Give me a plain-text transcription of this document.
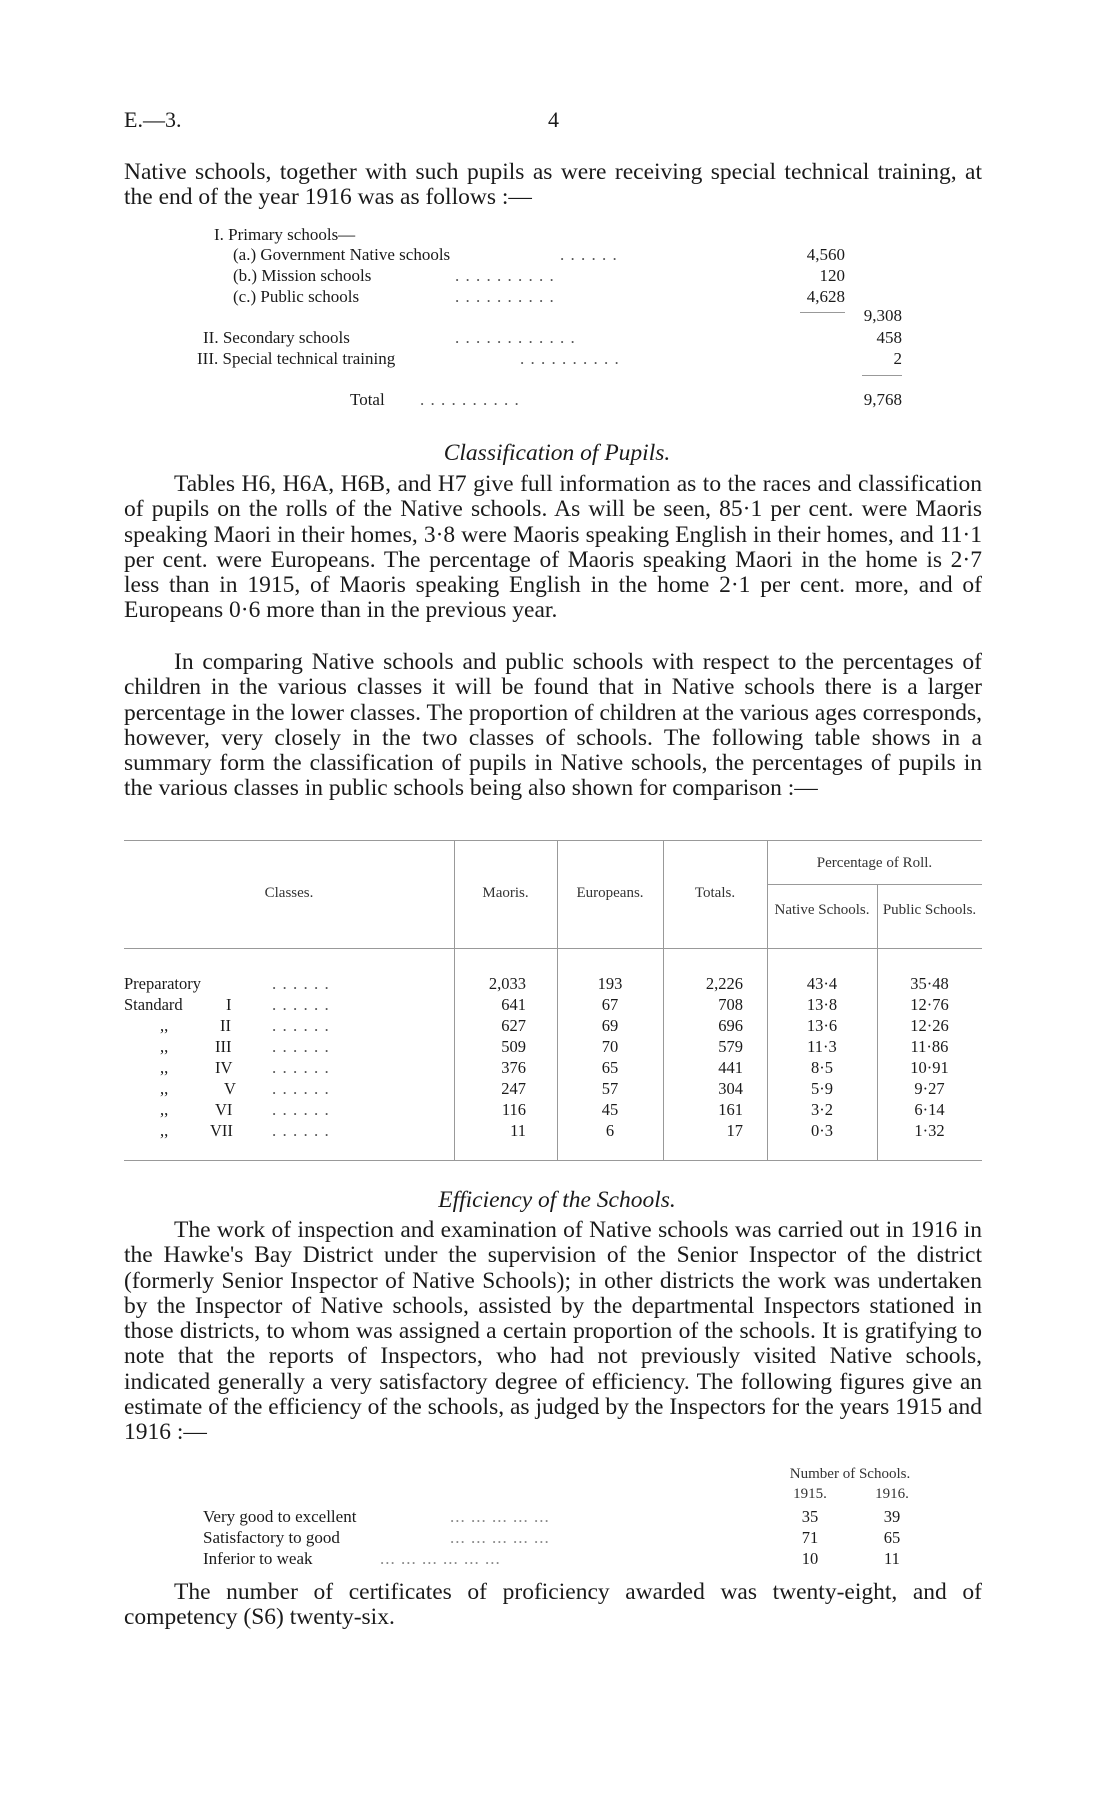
E.—3.	4

Native schools, together with such pupils as were receiving special technical training, at the end of the year 1916 was as follows :—

I. Primary schools—
(a.) Government Native schools	. . . . . .	4,560
(b.) Mission schools	. . . . . . . . . .	120
(c.) Public schools	. . . . . . . . . .	4,628
9,308
II. Secondary schools	. . . . . . . . . . . .	458
III. Special technical training	. . . . . . . . . .	2
Total . . . . . . . . . .	9,768
Classification of Pupils.

Tables H6, H6A, H6B, and H7 give full information as to the races and classification of pupils on the rolls of the Native schools. As will be seen, 85·1 per cent. were Maoris speaking Maori in their homes, 3·8 were Maoris speaking English in their homes, and 11·1 per cent. were Europeans. The percentage of Maoris speaking Maori in the home is 2·7 less than in 1915, of Maoris speaking English in the home 2·1 per cent. more, and of Europeans 0·6 more than in the previous year.

In comparing Native schools and public schools with respect to the percentages of children in the various classes it will be found that in Native schools there is a larger percentage in the lower classes. The proportion of children at the various ages corresponds, however, very closely in the two classes of schools. The following table shows in a summary form the classification of pupils in Native schools, the percentages of pupils in the various classes in public schools being also shown for comparison :—

Classes.	Maoris.	Europeans.	Totals.
Percentage of Roll.
Native Schools. Public Schools.
Preparatory	. . . . . .	2,033	193	2,226	43·4	35·48
Standard	I . . . . . .	641	67	708	13·8	12·76
,,	II . . . . . .	627	69	696	13·6	12·26
,,	III . . . . . .	509	70	579	11·3	11·86
,,	IV . . . . . .	376	65	441	8·5	10·91
,,	V . . . . . .	247	57	304	5·9	9·27
,,	VI . . . . . .	116	45	161	3·2	6·14
,,	VII . . . . . .	11	6	17	0·3	1·32
Efficiency of the Schools.

The work of inspection and examination of Native schools was carried out in 1916 in the Hawke's Bay District under the supervision of the Senior Inspector of the district (formerly Senior Inspector of Native Schools); in other districts the work was undertaken by the Inspector of Native schools, assisted by the departmental Inspectors stationed in those districts, to whom was assigned a certain proportion of the schools. It is gratifying to note that the reports of Inspectors, who had not previously visited Native schools, indicated generally a very satisfactory degree of efficiency. The following figures give an estimate of the efficiency of the schools, as judged by the Inspectors for the years 1915 and 1916 :—

Number of Schools.
1915.	1916.
Very good to excellent	... ... ... ... ...	35	39
Satisfactory to good	... ... ... ... ...	71	65
Inferior to weak	... ... ... ... ... ...	10	11

The number of certificates of proficiency awarded was twenty-eight, and of competency (S6) twenty-six.
